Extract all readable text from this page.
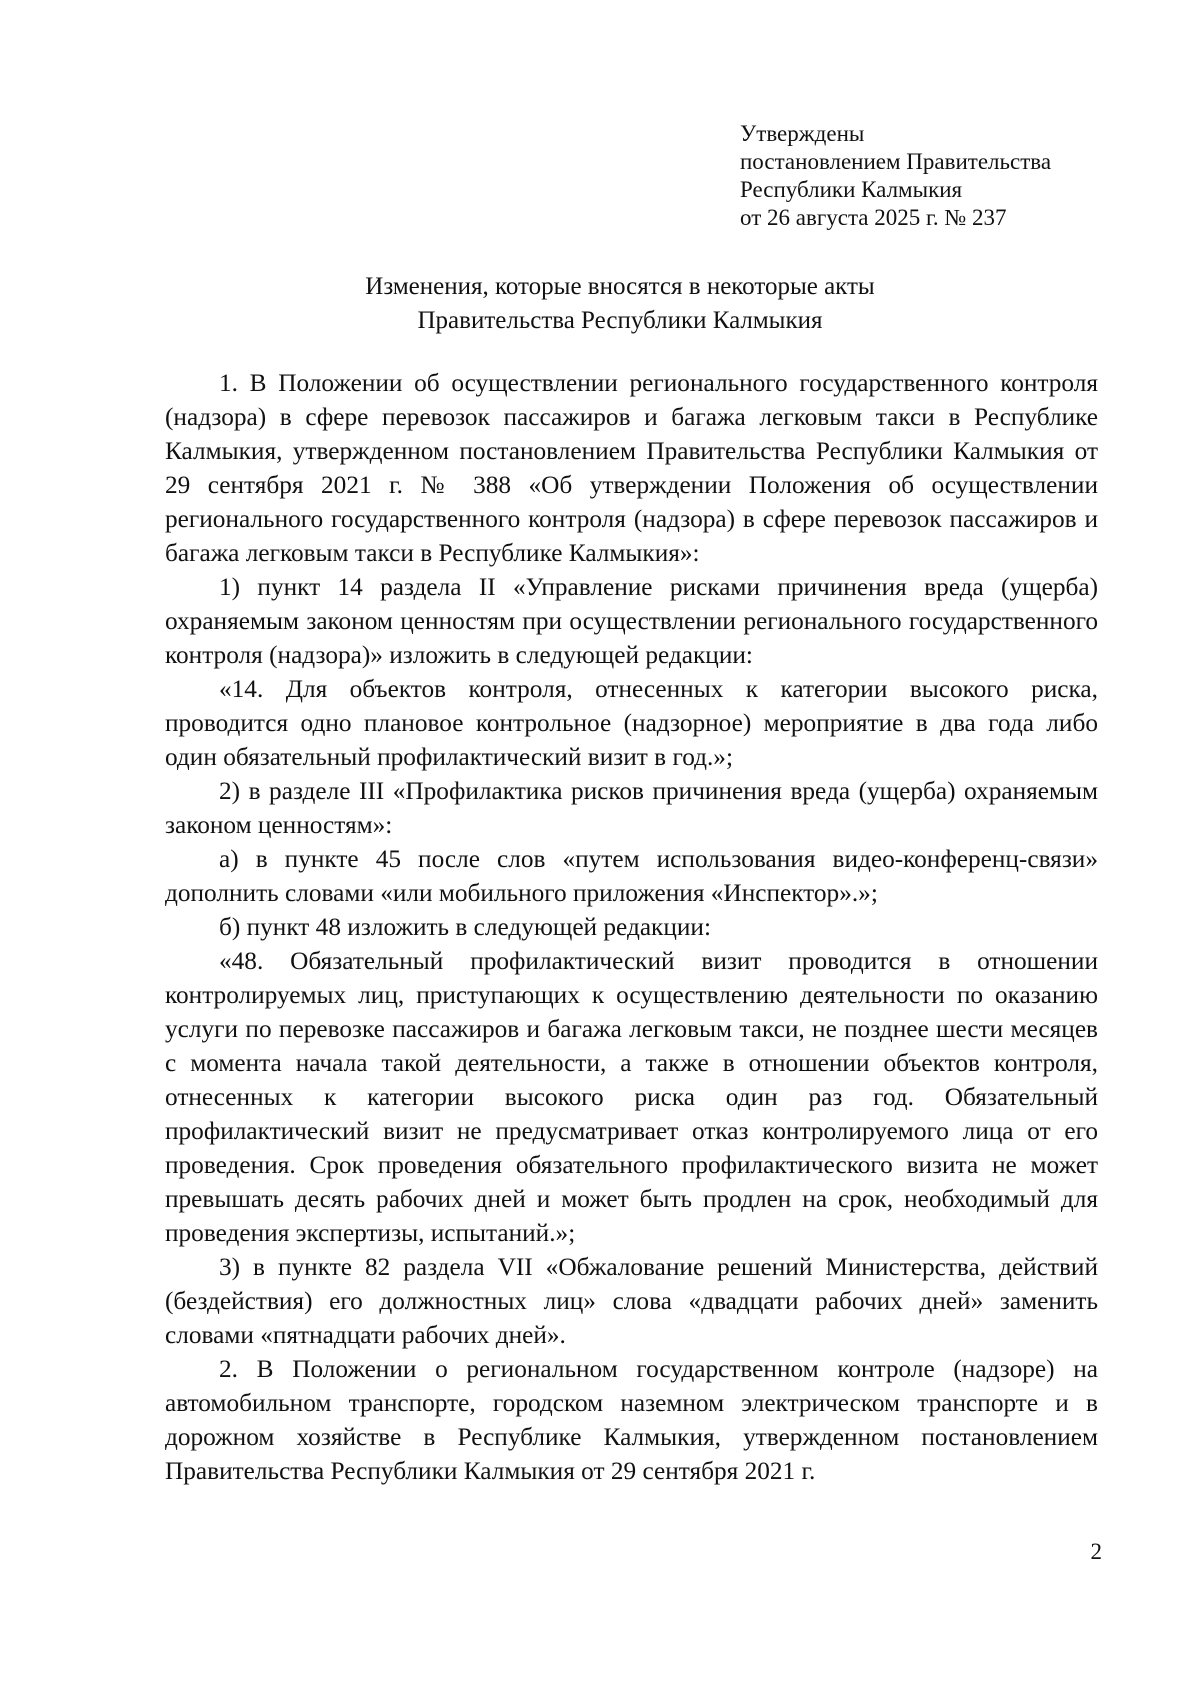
Утверждены
постановлением Правительства
Республики Калмыкия
от 26 августа 2025 г. № 237
Изменения, которые вносятся в некоторые акты
Правительства Республики Калмыкия

1. В Положении об осуществлении регионального государственного контроля (надзора) в сфере перевозок пассажиров и багажа легковым такси в Республике Калмыкия, утвержденном постановлением Правительства Республики Калмыкия от 29 сентября 2021 г. № 388 «Об утверждении Положения об осуществлении регионального государственного контроля (надзора) в сфере перевозок пассажиров и багажа легковым такси в Республике Калмыкия»:

1) пункт 14 раздела II «Управление рисками причинения вреда (ущерба) охраняемым законом ценностям при осуществлении регионального государственного контроля (надзора)» изложить в следующей редакции:

«14. Для объектов контроля, отнесенных к категории высокого риска, проводится одно плановое контрольное (надзорное) мероприятие в два года либо один обязательный профилактический визит в год.»;

2) в разделе III «Профилактика рисков причинения вреда (ущерба) охраняемым законом ценностям»:

а) в пункте 45 после слов «путем использования видео-конференц-связи» дополнить словами «или мобильного приложения «Инспектор».»;

б) пункт 48 изложить в следующей редакции:

«48. Обязательный профилактический визит проводится в отношении контролируемых лиц, приступающих к осуществлению деятельности по оказанию услуги по перевозке пассажиров и багажа легковым такси, не позднее шести месяцев с момента начала такой деятельности, а также в отношении объектов контроля, отнесенных к категории высокого риска один раз год. Обязательный профилактический визит не предусматривает отказ контролируемого лица от его проведения. Срок проведения обязательного профилактического визита не может превышать десять рабочих дней и может быть продлен на срок, необходимый для проведения экспертизы, испытаний.»;

3) в пункте 82 раздела VII «Обжалование решений Министерства, действий (бездействия) его должностных лиц» слова «двадцати рабочих дней» заменить словами «пятнадцати рабочих дней».

2. В Положении о региональном государственном контроле (надзоре) на автомобильном транспорте, городском наземном электрическом транспорте и в дорожном хозяйстве в Республике Калмыкия, утвержденном постановлением Правительства Республики Калмыкия от 29 сентября 2021 г.

2
